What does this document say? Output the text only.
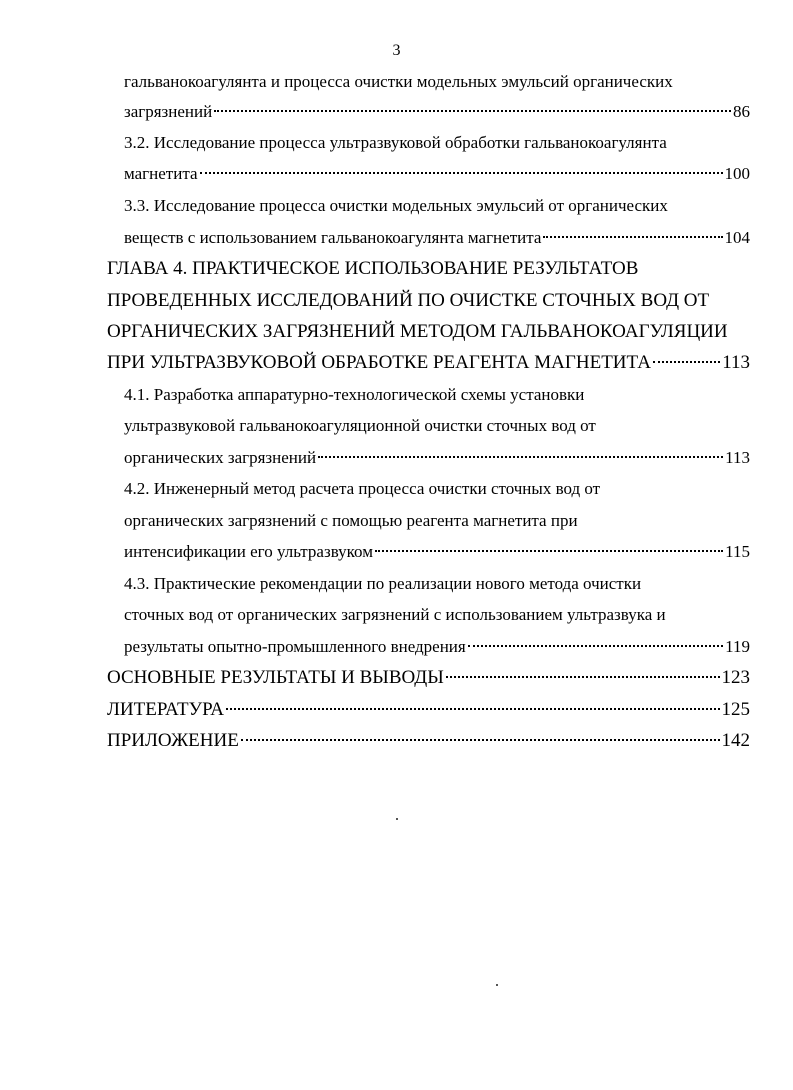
3
гальванокоагулянта и процесса очистки модельных эмульсий органических
загрязнений	86
3.2. Исследование процесса ультразвуковой обработки гальванокоагулянта
магнетита	100
3.3. Исследование процесса очистки модельных эмульсий от органических
веществ с использованием гальванокоагулянта магнетита	104
ГЛАВА 4. ПРАКТИЧЕСКОЕ ИСПОЛЬЗОВАНИЕ РЕЗУЛЬТАТОВ
ПРОВЕДЕННЫХ ИССЛЕДОВАНИЙ ПО ОЧИСТКЕ СТОЧНЫХ ВОД ОТ
ОРГАНИЧЕСКИХ ЗАГРЯЗНЕНИЙ МЕТОДОМ ГАЛЬВАНОКОАГУЛЯЦИИ
ПРИ УЛЬТРАЗВУКОВОЙ ОБРАБОТКЕ РЕАГЕНТА МАГНЕТИТА	113
4.1. Разработка аппаратурно-технологической схемы установки
ультразвуковой гальванокоагуляционной очистки сточных вод от
органических загрязнений	113
4.2. Инженерный метод расчета процесса очистки сточных вод от
органических загрязнений с помощью реагента магнетита при
интенсификации его ультразвуком	115
4.3. Практические рекомендации по реализации нового метода очистки
сточных вод от органических загрязнений с использованием ультразвука и
результаты опытно-промышленного внедрения	119
ОСНОВНЫЕ РЕЗУЛЬТАТЫ И ВЫВОДЫ	123
ЛИТЕРАТУРА	125
ПРИЛОЖЕНИЕ	142
